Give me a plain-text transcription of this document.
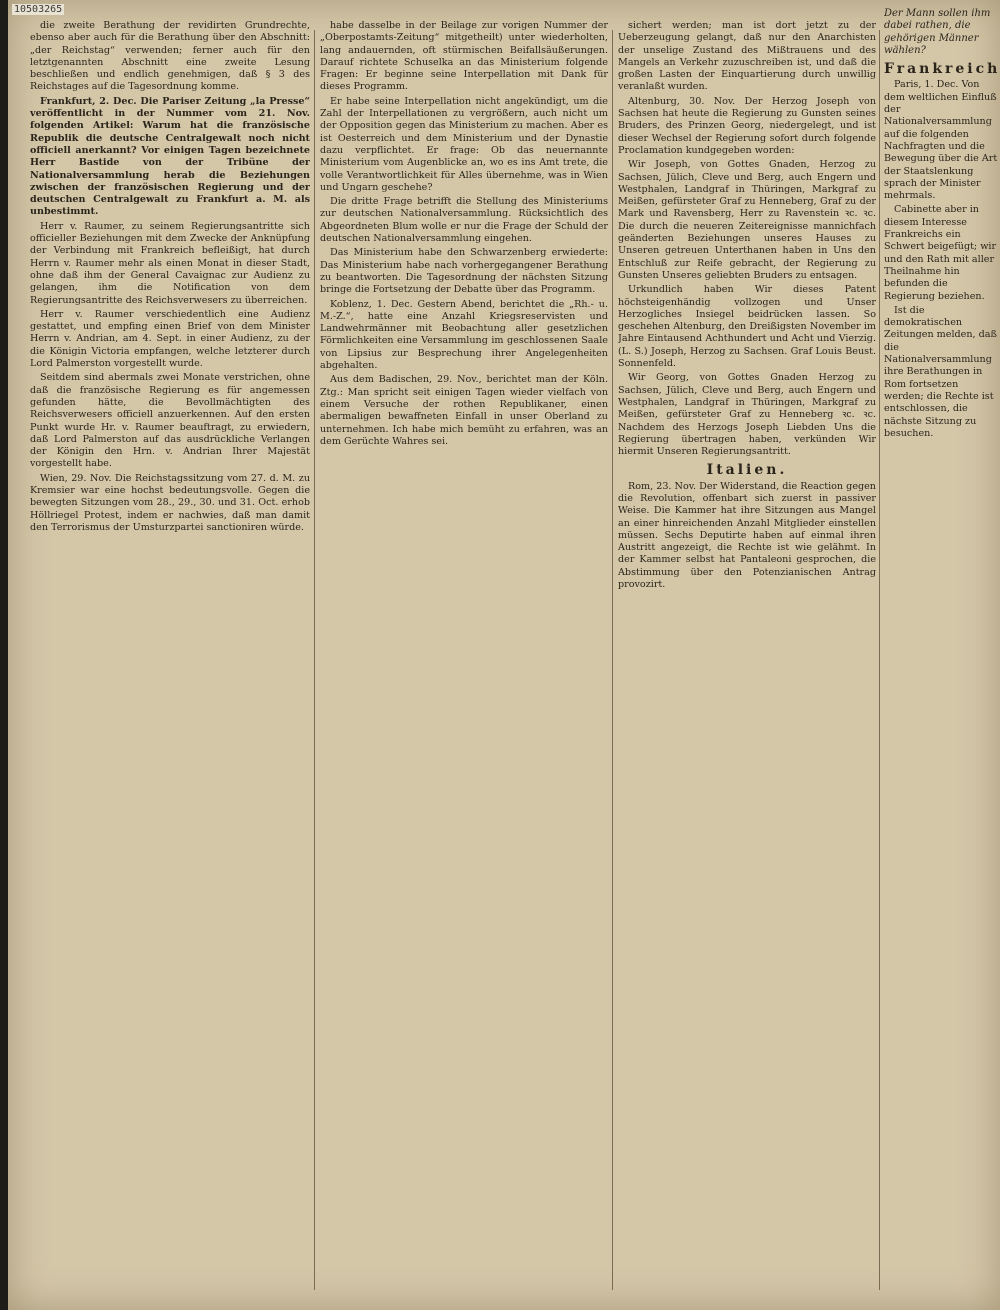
10503265

die zweite Berathung der revidirten Grundrechte, ebenso aber auch für die Berathung über den Abschnitt: „der Reichstag“ verwenden; ferner auch für den letztgenannten Abschnitt eine zweite Lesung beschließen und endlich genehmigen, daß § 3 des Reichstages auf die Tagesordnung komme.

Frankfurt, 2. Dec. Die Pariser Zeitung „la Presse“ veröffentlicht in der Nummer vom 21. Nov. folgenden Artikel: Warum hat die französische Republik die deutsche Centralgewalt noch nicht officiell anerkannt? Vor einigen Tagen bezeichnete Herr Bastide von der Tribüne der Nationalversammlung herab die Beziehungen zwischen der französischen Regierung und der deutschen Centralgewalt zu Frankfurt a. M. als unbestimmt.

Herr v. Raumer, zu seinem Regierungsantritte sich officieller Beziehungen mit dem Zwecke der Anknüpfung der Verbindung mit Frankreich befleißigt, hat durch Herrn v. Raumer mehr als einen Monat in dieser Stadt, ohne daß ihm der General Cavaignac zur Audienz zu gelangen, ihm die Notification von dem Regierungsantritte des Reichsverwesers zu überreichen.

Herr v. Raumer verschiedentlich eine Audienz gestattet, und empfing einen Brief von dem Minister Herrn v. Andrian, am 4. Sept. in einer Audienz, zu der die Königin Victoria empfangen, welche letzterer durch Lord Palmerston vorgestellt wurde.

Seitdem sind abermals zwei Monate verstrichen, ohne daß die französische Regierung es für angemessen gefunden hätte, die Bevollmächtigten des Reichsverwesers officiell anzuerkennen. Auf den ersten Punkt wurde Hr. v. Raumer beauftragt, zu erwiedern, daß Lord Palmerston auf das ausdrückliche Verlangen der Königin den Hrn. v. Andrian Ihrer Majestät vorgestellt habe.

Wien, 29. Nov. Die Reichstagssitzung vom 27. d. M. zu Kremsier war eine hochst bedeutungsvolle. Gegen die bewegten Sitzungen vom 28., 29., 30. und 31. Oct. erhob Höllriegel Protest, indem er nachwies, daß man damit den Terrorismus der Umsturzpartei sanctioniren würde.

habe dasselbe in der Beilage zur vorigen Nummer der „Oberpostamts-Zeitung“ mitgetheilt) unter wiederholten, lang andauernden, oft stürmischen Beifallsäußerungen. Darauf richtete Schuselka an das Ministerium folgende Fragen: Er beginne seine Interpellation mit Dank für dieses Programm.

Er habe seine Interpellation nicht angekündigt, um die Zahl der Interpellationen zu vergrößern, auch nicht um der Opposition gegen das Ministerium zu machen. Aber es ist Oesterreich und dem Ministerium und der Dynastie dazu verpflichtet. Er frage: Ob das neuernannte Ministerium vom Augenblicke an, wo es ins Amt trete, die volle Verantwortlichkeit für Alles übernehme, was in Wien und Ungarn geschehe?

Die dritte Frage betrifft die Stellung des Ministeriums zur deutschen Nationalversammlung. Rücksichtlich des Abgeordneten Blum wolle er nur die Frage der Schuld der deutschen Nationalversammlung eingehen.

Das Ministerium habe den Schwarzenberg erwiederte: Das Ministerium habe nach vorhergegangener Berathung zu beantworten. Die Tagesordnung der nächsten Sitzung bringe die Fortsetzung der Debatte über das Programm.

Koblenz, 1. Dec. Gestern Abend, berichtet die „Rh.- u. M.-Z.“, hatte eine Anzahl Kriegsreservisten und Landwehrmänner mit Beobachtung aller gesetzlichen Förmlichkeiten eine Versammlung im geschlossenen Saale von Lipsius zur Besprechung ihrer Angelegenheiten abgehalten.

Aus dem Badischen, 29. Nov., berichtet man der Köln. Ztg.: Man spricht seit einigen Tagen wieder vielfach von einem Versuche der rothen Republikaner, einen abermaligen bewaffneten Einfall in unser Oberland zu unternehmen. Ich habe mich bemüht zu erfahren, was an dem Gerüchte Wahres sei.

sichert werden; man ist dort jetzt zu der Ueberzeugung gelangt, daß nur den Anarchisten der unselige Zustand des Mißtrauens und des Mangels an Verkehr zuzuschreiben ist, und daß die großen Lasten der Einquartierung durch unwillig veranlaßt wurden.

Altenburg, 30. Nov. Der Herzog Joseph von Sachsen hat heute die Regierung zu Gunsten seines Bruders, des Prinzen Georg, niedergelegt, und ist dieser Wechsel der Regierung sofort durch folgende Proclamation kundgegeben worden:

Wir Joseph, von Gottes Gnaden, Herzog zu Sachsen, Jülich, Cleve und Berg, auch Engern und Westphalen, Landgraf in Thüringen, Markgraf zu Meißen, gefürsteter Graf zu Henneberg, Graf zu der Mark und Ravensberg, Herr zu Ravenstein ꝛc. ꝛc. Die durch die neueren Zeitereignisse mannichfach geänderten Beziehungen unseres Hauses zu Unseren getreuen Unterthanen haben in Uns den Entschluß zur Reife gebracht, der Regierung zu Gunsten Unseres geliebten Bruders zu entsagen.

Urkundlich haben Wir dieses Patent höchsteigenhändig vollzogen und Unser Herzogliches Insiegel beidrücken lassen. So geschehen Altenburg, den Dreißigsten November im Jahre Eintausend Achthundert und Acht und Vierzig. (L. S.) Joseph, Herzog zu Sachsen. Graf Louis Beust. Sonnenfeld.

Wir Georg, von Gottes Gnaden Herzog zu Sachsen, Jülich, Cleve und Berg, auch Engern und Westphalen, Landgraf in Thüringen, Markgraf zu Meißen, gefürsteter Graf zu Henneberg ꝛc. ꝛc. Nachdem des Herzogs Joseph Liebden Uns die Regierung übertragen haben, verkünden Wir hiermit Unseren Regierungsantritt.

Italien.

Rom, 23. Nov. Der Widerstand, die Reaction gegen die Revolution, offenbart sich zuerst in passiver Weise. Die Kammer hat ihre Sitzungen aus Mangel an einer hinreichenden Anzahl Mitglieder einstellen müssen. Sechs Deputirte haben auf einmal ihren Austritt angezeigt, die Rechte ist wie gelähmt. In der Kammer selbst hat Pantaleoni gesprochen, die Abstimmung über den Potenzianischen Antrag provozirt.

Der Mann sollen ihm dabei rathen, die gehörigen Männer wählen?

Frankreich

Paris, 1. Dec. Von dem weltlichen Einfluß der Nationalversammlung auf die folgenden Nachfragten und die Bewegung über die Art der Staatslenkung sprach der Minister mehrmals.

Cabinette aber in diesem Interesse Frankreichs ein Schwert beigefügt; wir und den Rath mit aller Theilnahme hin befunden die Regierung beziehen.

Ist die demokratischen Zeitungen melden, daß die Nationalversammlung ihre Berathungen in Rom fortsetzen werden; die Rechte ist entschlossen, die nächste Sitzung zu besuchen.
